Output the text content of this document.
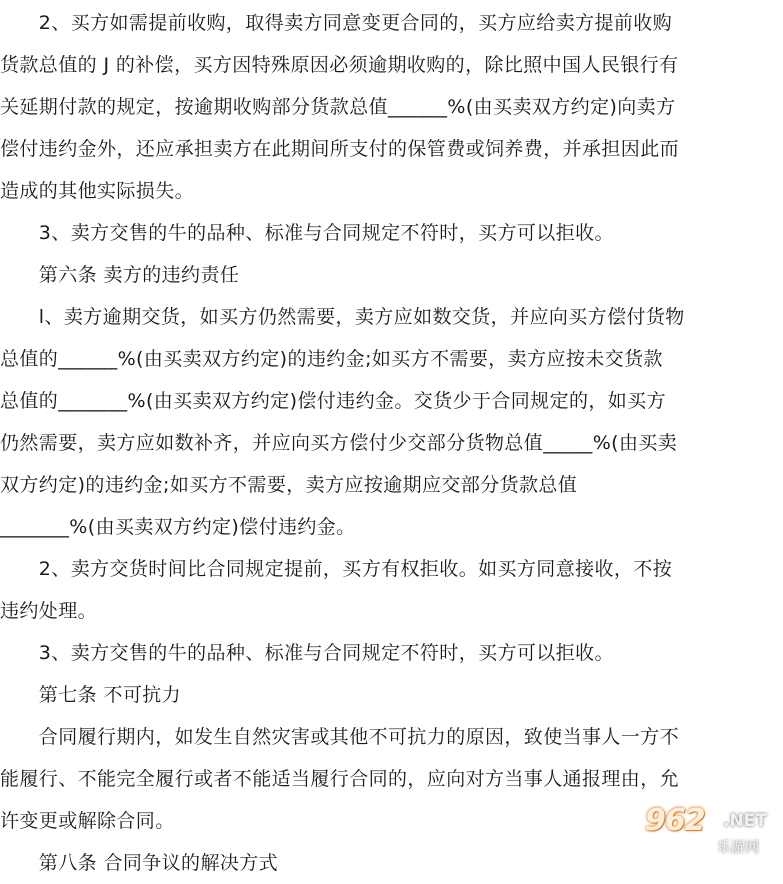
　　2、买方如需提前收购，取得卖方同意变更合同的，买方应给卖方提前收购
货款总值的 J 的补偿，买方因特殊原因必须逾期收购的，除比照中国人民银行有
关延期付款的规定，按逾期收购部分货款总值______%(由买卖双方约定)向卖方
偿付违约金外，还应承担卖方在此期间所支付的保管费或饲养费，并承担因此而
造成的其他实际损失。
　　3、卖方交售的牛的品种、标准与合同规定不符时，买方可以拒收。
　　第六条 卖方的违约责任
　　l、卖方逾期交货，如买方仍然需要，卖方应如数交货，并应向买方偿付货物
总值的______%(由买卖双方约定)的违约金;如买方不需要，卖方应按未交货款
总值的_______%(由买卖双方约定)偿付违约金。交货少于合同规定的，如买方
仍然需要，卖方应如数补齐，并应向买方偿付少交部分货物总值_____%(由买卖
双方约定)的违约金;如买方不需要，卖方应按逾期应交部分货款总值
_______%(由买卖双方约定)偿付违约金。
　　2、卖方交货时间比合同规定提前，买方有权拒收。如买方同意接收，不按
违约处理。
　　3、卖方交售的牛的品种、标准与合同规定不符时，买方可以拒收。
　　第七条 不可抗力
　　合同履行期内，如发生自然灾害或其他不可抗力的原因，致使当事人一方不
能履行、不能完全履行或者不能适当履行合同的，应向对方当事人通报理由，允
许变更或解除合同。
　　第八条 合同争议的解决方式
962 .NET
乐游网
